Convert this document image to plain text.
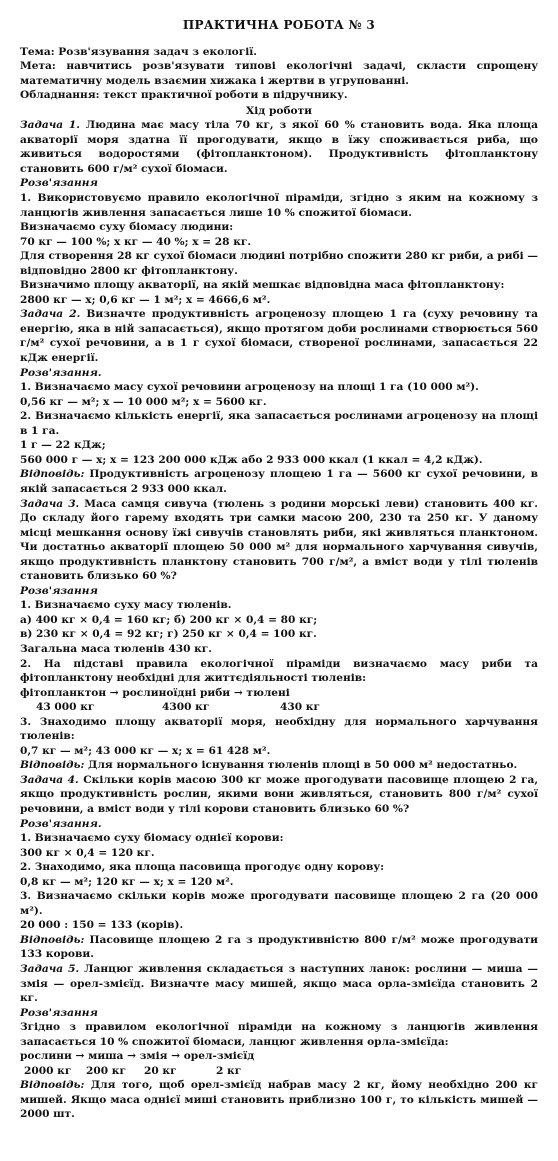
ПРАКТИЧНА РОБОТА № 3

Тема: Розв'язування задач з екології.

Мета: навчитись розв'язувати типові екологічні задачі, скласти спрощену математичну модель взаємин хижака і жертви в угрупованні.

Обладнання: текст практичної роботи в підручнику.

Хід роботи

Задача 1. Людина має масу тіла 70 кг, з якої 60 % становить вода. Яка площа акваторії моря здатна її прогодувати, якщо в їжу споживається риба, що живиться водоростями (фітопланктоном). Продуктивність фітопланктону становить 600 г/м² сухої біомаси.

Розв'язання

1. Використовуємо правило екологічної піраміди, згідно з яким на кожному з ланцюгів живлення запасається лише 10 % спожитої біомаси.

Визначаємо суху біомасу людини:

70 кг — 100 %; x кг — 40 %; x = 28 кг.

Для створення 28 кг сухої біомаси людині потрібно спожити 280 кг риби, а рибі — відповідно 2800 кг фітопланктону.

Визначимо площу акваторії, на якій мешкає відповідна маса фітопланктону:

2800 кг — x; 0,6 кг — 1 м²; x = 4666,6 м².

Задача 2. Визначте продуктивність агроценозу площею 1 га (суху речовину та енергію, яка в ній запасається), якщо протягом доби рослинами створюється 560 г/м² сухої речовини, а в 1 г сухої біомаси, створеної рослинами, запасається 22 кДж енергії.

Розв'язання.

1. Визначаємо масу сухої речовини агроценозу на площі 1 га (10 000 м²).

0,56 кг — м²; x — 10 000 м²; x = 5600 кг.

2. Визначаємо кількість енергії, яка запасається рослинами агроценозу на площі в 1 га.

1 г — 22 кДж;

560 000 г — x; x = 123 200 000 кДж або 2 933 000 ккал (1 ккал = 4,2 кДж).

Відповідь: Продуктивність агроценозу площею 1 га — 5600 кг сухої речовини, в якій запасається 2 933 000 ккал.

Задача 3. Маса самця сивуча (тюлень з родини морські леви) становить 400 кг. До складу його гарему входять три самки масою 200, 230 та 250 кг. У даному місці мешкання основу їжі сивучів становлять риби, які живляться планктоном. Чи достатньо акваторії площею 50 000 м² для нормального харчування сивучів, якщо продуктивність планктону становить 700 г/м², а вміст води у тілі тюленів становить близько 60 %?

Розв'язання

1. Визначаємо суху масу тюленів.

а) 400 кг × 0,4 = 160 кг; б) 200 кг × 0,4 = 80 кг;

в) 230 кг × 0,4 = 92 кг; г) 250 кг × 0,4 = 100 кг.

Загальна маса тюленів 430 кг.

2. На підставі правила екологічної піраміди визначаємо масу риби та фітопланктону необхідні для життєдіяльності тюленів:

фітопланктон → рослиноїдні риби → тюлені

43 000 кг	4300 кг	430 кг

3. Знаходимо площу акваторії моря, необхідну для нормального харчування тюленів:

0,7 кг — м²; 43 000 кг — x; x = 61 428 м².

Відповідь: Для нормального існування тюленів площі в 50 000 м² недостатньо.

Задача 4. Скільки корів масою 300 кг може прогодувати пасовище площею 2 га, якщо продуктивність рослин, якими вони живляться, становить 800 г/м² сухої речовини, а вміст води у тілі корови становить близько 60 %?

Розв'язання.

1. Визначаємо суху біомасу однієї корови:

300 кг × 0,4 = 120 кг.

2. Знаходимо, яка площа пасовища прогодує одну корову:

0,8 кг — м²; 120 кг — x; x = 120 м².

3. Визначаємо скільки корів може прогодувати пасовище площею 2 га (20 000 м²).

20 000 : 150 = 133 (корів).

Відповідь: Пасовище площею 2 га з продуктивністю 800 г/м² може прогодувати 133 корови.

Задача 5. Ланцюг живлення складається з наступних ланок: рослини — миша — змія — орел-змієїд. Визначте масу мишей, якщо маса орла-змієїда становить 2 кг.

Розв'язання

Згідно з правилом екологічної піраміди на кожному з ланцюгів живлення запасається 10 % спожитої біомаси, ланцюг живлення орла-змієїда:

рослини → миша → змія → орел-змієїд

2000 кг	200 кг	20 кг	2 кг

Відповідь: Для того, щоб орел-змієїд набрав масу 2 кг, йому необхідно 200 кг мишей. Якщо маса однієї миші становить приблизно 100 г, то кількість мишей — 2000 шт.
